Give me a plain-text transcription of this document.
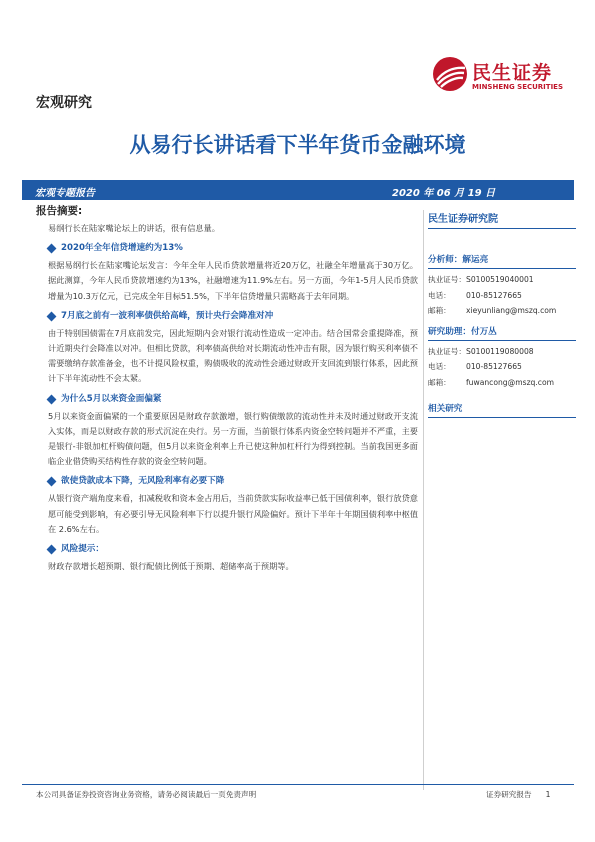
民生证券
MINSHENG SECURITIES
宏观研究
从易行长讲话看下半年货币金融环境
宏观专题报告	2020 年 06 月 19 日
报告摘要:
易纲行长在陆家嘴论坛上的讲话，很有信息量。
2020年全年信贷增速约为13%
根据易纲行长在陆家嘴论坛发言：今年全年人民币贷款增量将近20万亿，社融全年增量高于30万亿。据此测算，今年人民币贷款增速约为13%，社融增速为11.9%左右。另一方面，今年1-5月人民币贷款增量为10.3万亿元，已完成全年目标51.5%，下半年信贷增量只需略高于去年同期。
7月底之前有一波利率债供给高峰，预计央行会降准对冲
由于特别国债需在7月底前发完，因此短期内会对银行流动性造成一定冲击。结合国常会重提降准，预计近期央行会降准以对冲。但相比贷款，利率债高供给对长期流动性冲击有限，因为银行购买利率债不需要缴纳存款准备金，也不计提风险权重，购债吸收的流动性会通过财政开支回流到银行体系，因此预计下半年流动性不会太紧。
为什么5月以来资金面偏紧
5月以来资金面偏紧的一个重要原因是财政存款激增，银行购债缴款的流动性并未及时通过财政开支流入实体，而是以财政存款的形式沉淀在央行。另一方面，当前银行体系内资金空转问题并不严重，主要是银行-非银加杠杆购债问题，但5月以来资金利率上升已使这种加杠杆行为得到控制。当前我国更多面临企业借贷购买结构性存款的资金空转问题。
欲使贷款成本下降，无风险利率有必要下降
从银行资产端角度来看，扣减税收和资本金占用后，当前贷款实际收益率已低于国债利率，银行放贷意愿可能受到影响，有必要引导无风险利率下行以提升银行风险偏好。预计下半年十年期国债利率中枢值在 2.6%左右。
风险提示：
财政存款增长超预期、银行配债比例低于预期、超储率高于预期等。
民生证券研究院
分析师：解运亮
执业证号： S0100519040001
电话：	010-85127665
邮箱：	xieyunliang@mszq.com
研究助理：付万丛
执业证号： S0100119080008
电话：	010-85127665
邮箱：	fuwancong@mszq.com
相关研究
本公司具备证券投资咨询业务资格，请务必阅读最后一页免责声明	证券研究报告 1
